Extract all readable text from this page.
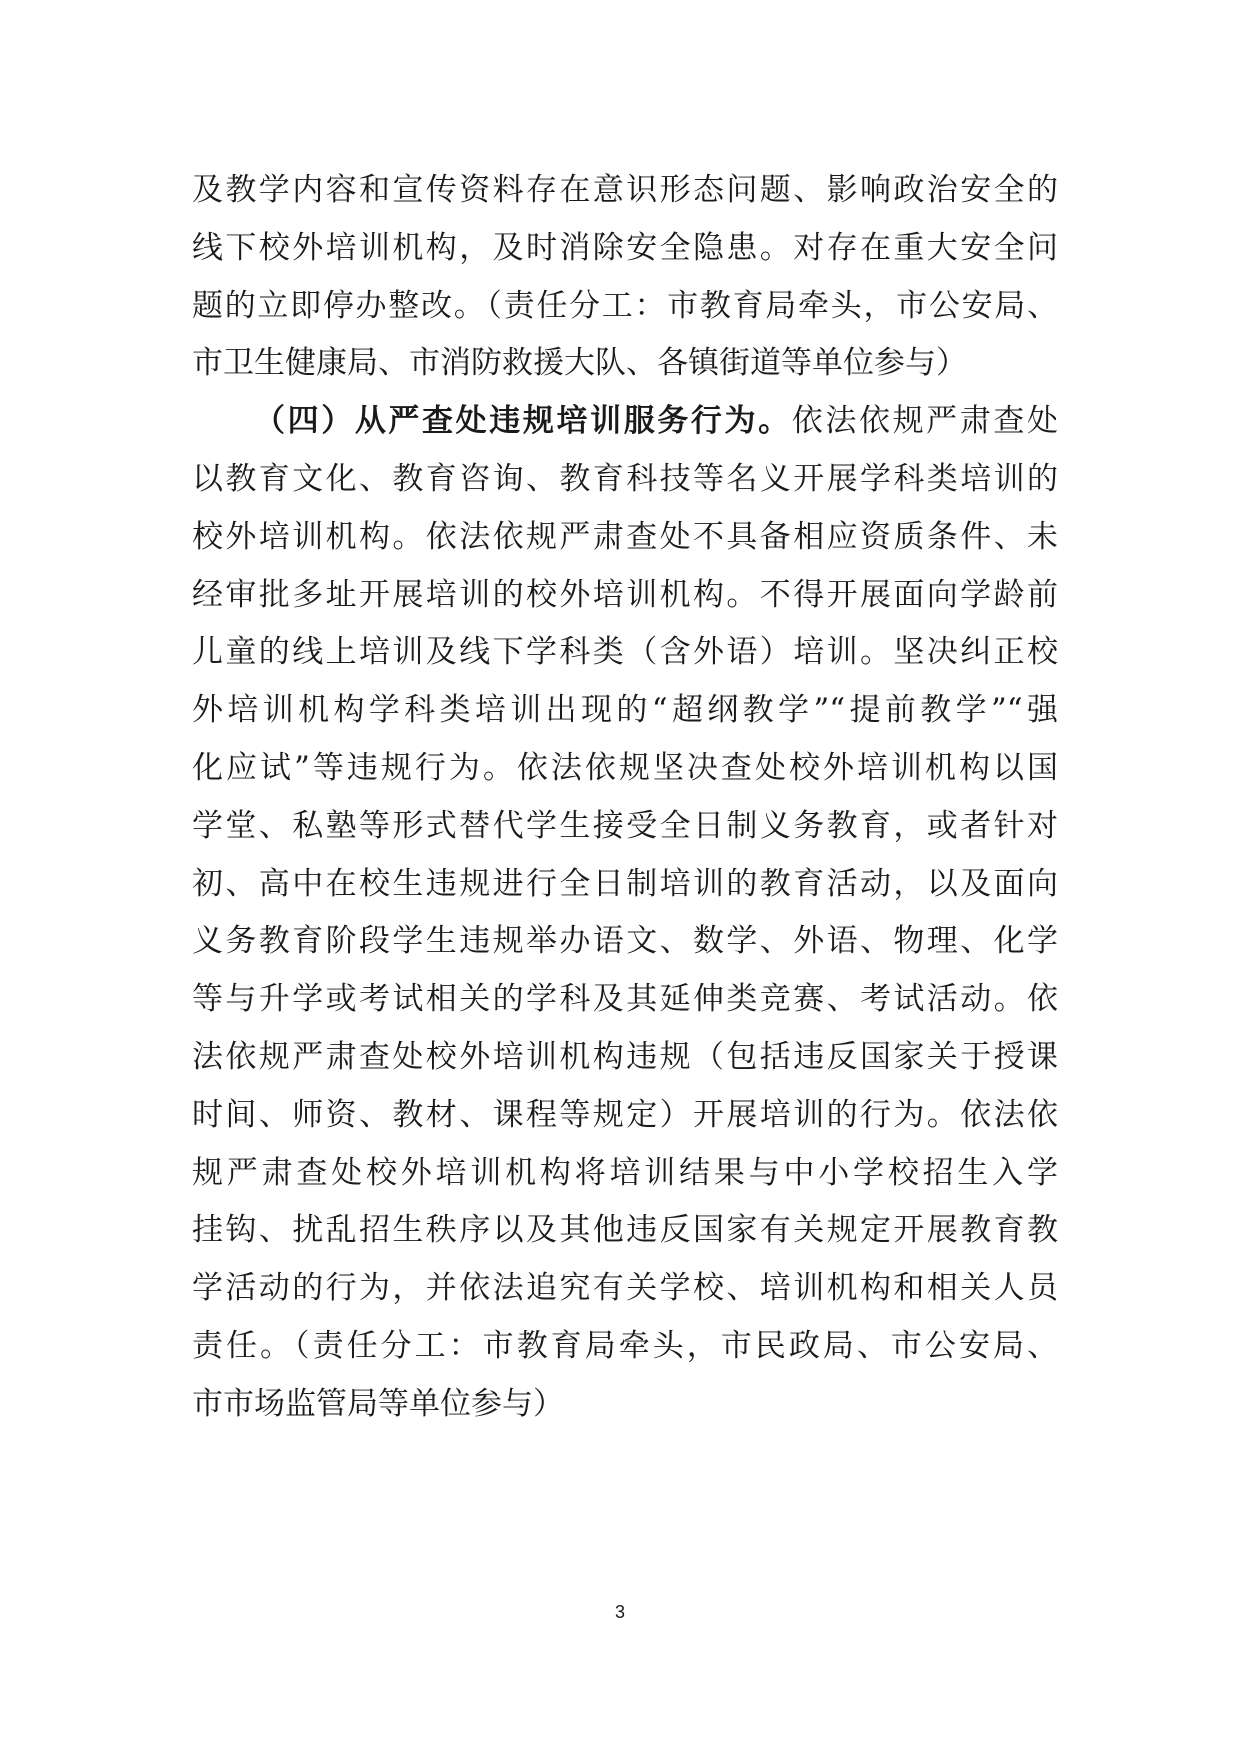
及教学内容和宣传资料存在意识形态问题、影响政治安全的
线下校外培训机构，及时消除安全隐患。对存在重大安全问
题的立即停办整改。（责任分工：市教育局牵头，市公安局、
市卫生健康局、市消防救援大队、各镇街道等单位参与）
（四）从严查处违规培训服务行为。依法依规严肃查处
以教育文化、教育咨询、教育科技等名义开展学科类培训的
校外培训机构。依法依规严肃查处不具备相应资质条件、未
经审批多址开展培训的校外培训机构。不得开展面向学龄前
儿童的线上培训及线下学科类（含外语）培训。坚决纠正校
外培训机构学科类培训出现的“超纲教学”“提前教学”“强
化应试”等违规行为。依法依规坚决查处校外培训机构以国
学堂、私塾等形式替代学生接受全日制义务教育，或者针对
初、高中在校生违规进行全日制培训的教育活动，以及面向
义务教育阶段学生违规举办语文、数学、外语、物理、化学
等与升学或考试相关的学科及其延伸类竞赛、考试活动。依
法依规严肃查处校外培训机构违规（包括违反国家关于授课
时间、师资、教材、课程等规定）开展培训的行为。依法依
规严肃查处校外培训机构将培训结果与中小学校招生入学
挂钩、扰乱招生秩序以及其他违反国家有关规定开展教育教
学活动的行为，并依法追究有关学校、培训机构和相关人员
责任。（责任分工：市教育局牵头，市民政局、市公安局、
市市场监管局等单位参与）
3
